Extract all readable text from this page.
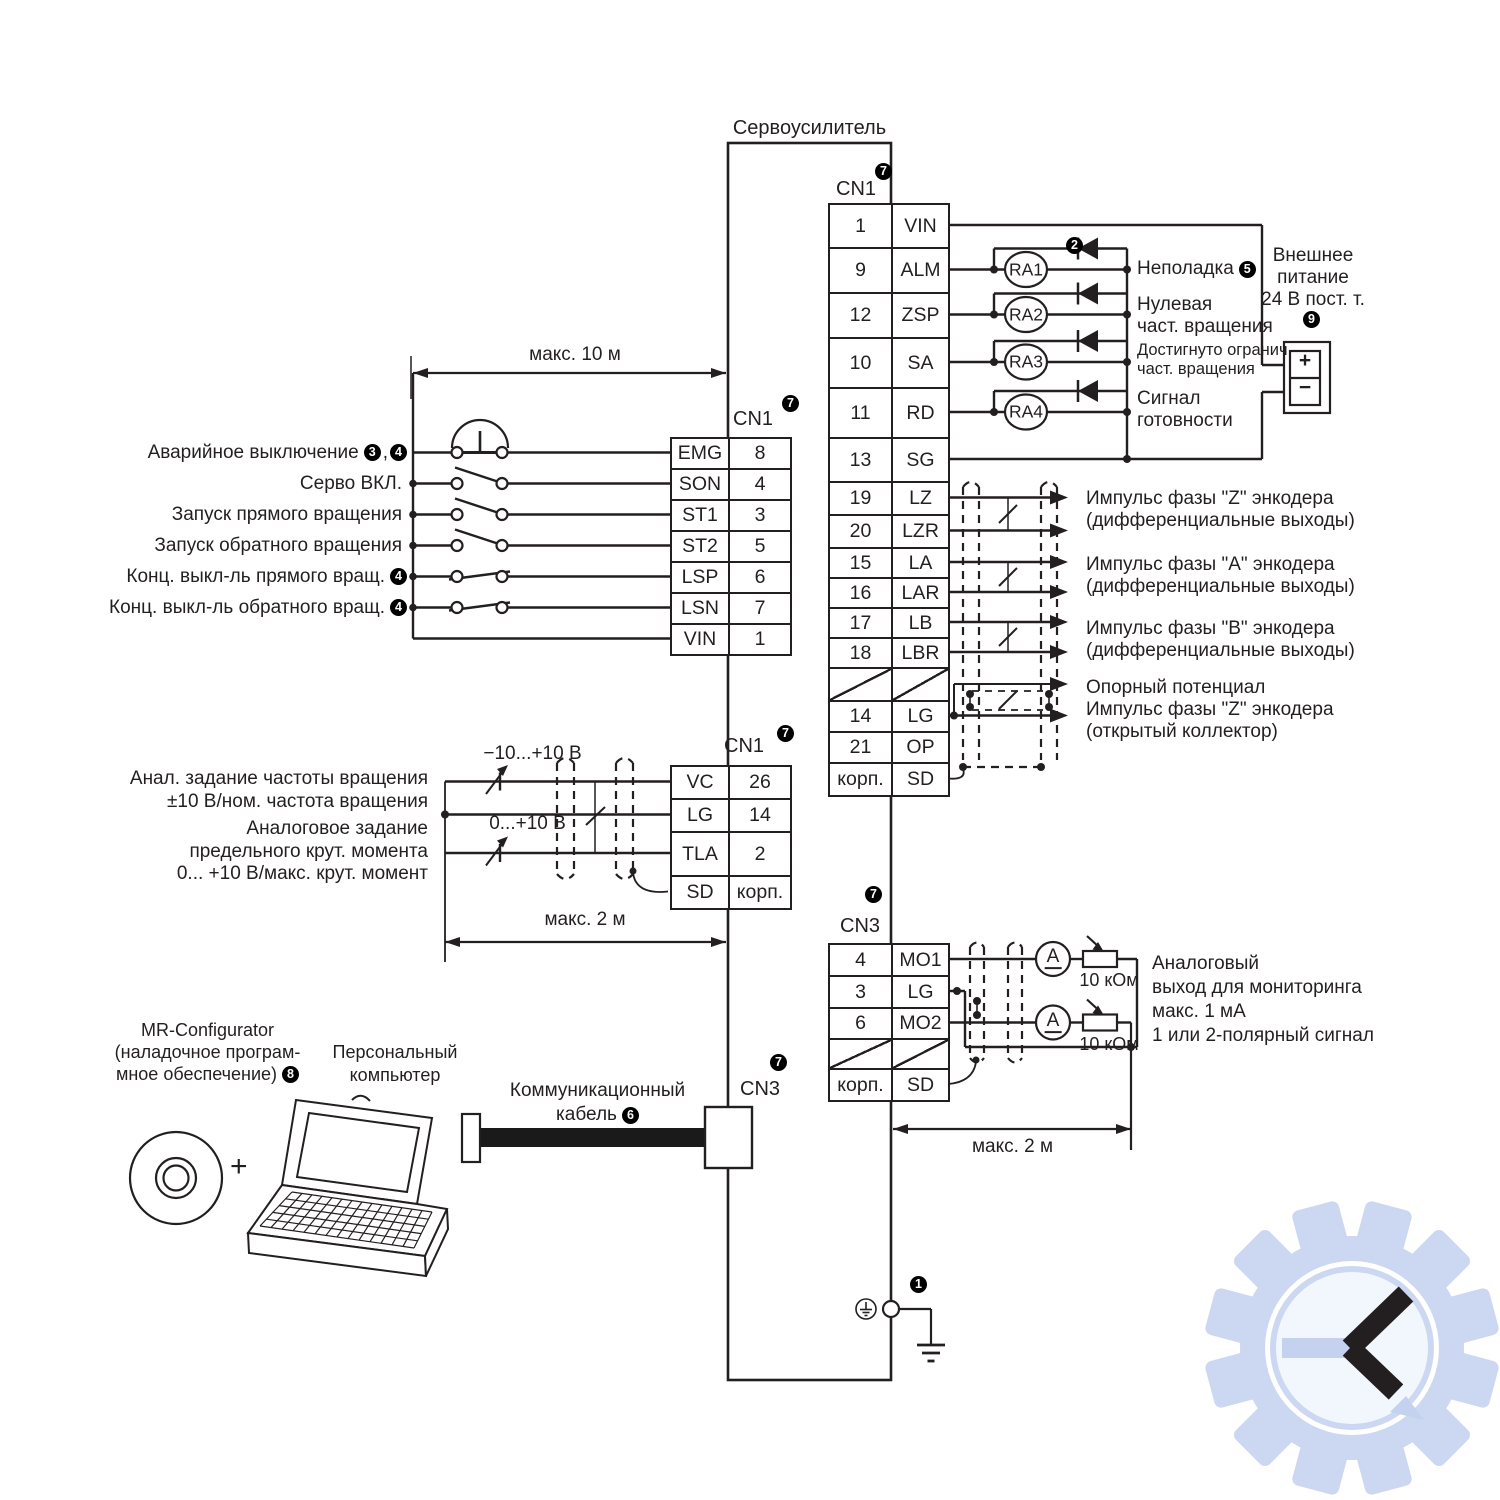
Сервоусилитель
макс. 10 м
макс. 2 м
макс. 2 м
CN1
7
CN1
7
CN1
7
CN3
7
CN3
7
2
9
1
Аварийное выключение 3 , 4
Серво ВКЛ.
Запуск прямого вращения
Запуск обратного вращения
Конц. выкл-ль прямого вращ. 4
Конц. выкл-ль обратного вращ. 4
EMG	8
SON	4
ST1	3
ST2	5
LSP	6
LSN	7
VIN	1
Анал. задание частоты вращения
±10 В/ном. частота вращения
Аналоговое задание
предельного крут. момента
0... +10 В/макс. крут. момент
−10...+10 В
0...+10 В
VC	26
LG	14
TLA	2
SD	корп.
1	VIN
9	ALM
12	ZSP
10	SA
11	RD
13	SG
19	LZ
20	LZR
15	LA
16	LAR
17	LB
18	LBR
14	LG
21	OP
корп.	SD
4	MO1
3	LG
6	MO2
корп.	SD
RA1
RA2
RA3
RA4
Неполадка 5
Нулевая
част. вращения
Достигнуто огранич.
част. вращения
Сигнал
готовности
Внешнее
питание
24 В пост. т.
+
−
Импульс фазы "Z" энкодера
(дифференциальные выходы)
Импульс фазы "A" энкодера
(дифференциальные выходы)
Импульс фазы "B" энкодера
(дифференциальные выходы)
Опорный потенциал
Импульс фазы "Z" энкодера
(открытый коллектор)
A
A
10 кОм
10 кОм
Аналоговый
выход для мониторинга
макс. 1 мА
1 или 2-полярный сигнал
MR-Configurator
(наладочное програм-
мное обеспечение) 8
Персональный
компьютер
+
Коммуникационный
кабель 6
